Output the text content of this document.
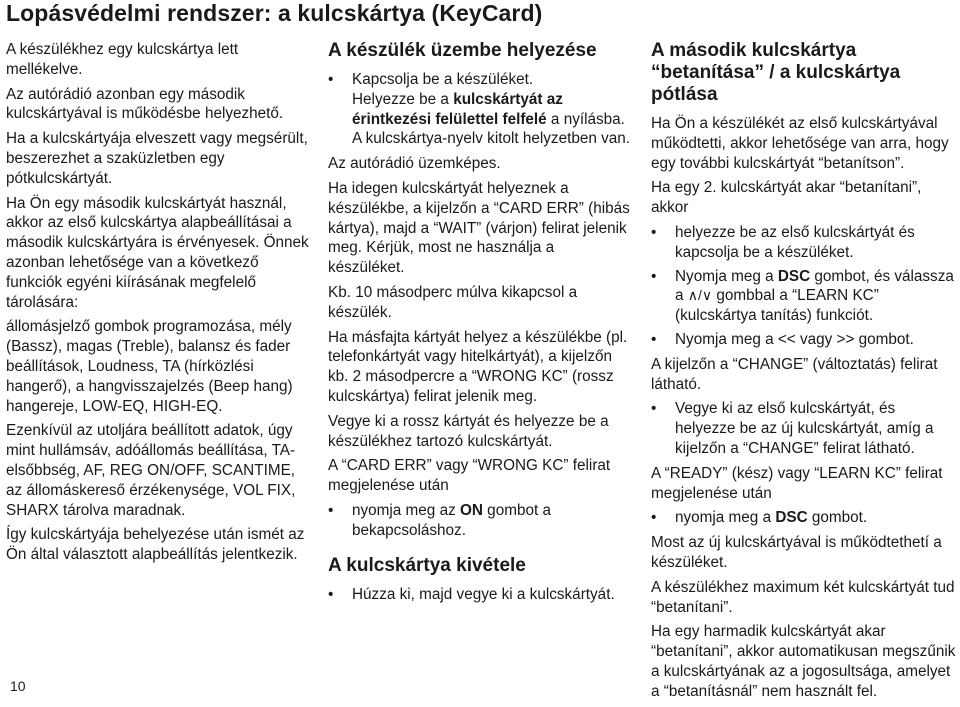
Lopásvédelmi rendszer: a kulcskártya (KeyCard)

A készülékhez egy kulcskártya lett mellékelve.

Az autórádió azonban egy második kulcskártyával is működésbe helyezhető.

Ha a kulcskártyája elveszett vagy megsérült, beszerezhet a szaküzletben egy pótkulcskártyát.

Ha Ön egy második kulcskártyát használ, akkor az első kulcskártya alapbeállításai a második kulcskártyára is érvényesek. Önnek azonban lehetősége van a következő funkciók egyéni kiírásának megfelelő tárolására:

állomásjelző gombok programozása, mély (Bassz), magas (Treble), balansz és fader beállítások, Loudness, TA (hírközlési hangerő), a hangvisszajelzés (Beep hang) hangereje, LOW-EQ, HIGH-EQ.

Ezenkívül az utoljára beállított adatok, úgy mint hullámsáv, adóállomás beállítása, TA-elsőbbség, AF, REG ON/OFF, SCANTIME, az állomáskereső érzékenysége, VOL FIX, SHARX tárolva maradnak.

Így kulcskártyája behelyezése után ismét az Ön által választott alapbeállítás jelentkezik.

A készülék üzembe helyezése
• Kapcsolja be a készüléket.
Helyezze be a kulcskártyát az érintkezési felülettel felfelé a nyílásba. A kulcskártya-nyelv kitolt helyzetben van.

Az autórádió üzemképes.

Ha idegen kulcskártyát helyeznek a készülékbe, a kijelzőn a “CARD ERR” (hibás kártya), majd a “WAIT” (várjon) felirat jelenik meg. Kérjük, most ne használja a készüléket.

Kb. 10 másodperc múlva kikapcsol a készülék.

Ha másfajta kártyát helyez a készülékbe (pl. telefonkártyát vagy hitelkártyát), a kijelzőn kb. 2 másodpercre a “WRONG KC” (rossz kulcskártya) felirat jelenik meg.

Vegye ki a rossz kártyát és helyezze be a készülékhez tartozó kulcskártyát.

A “CARD ERR” vagy “WRONG KC” felirat megjelenése után

• nyomja meg az ON gombot a bekapcsoláshoz.
A kulcskártya kivétele
• Húzza ki, majd vegye ki a kulcskártyát.
A második kulcskártya “betanítása” / a kulcskártya pótlása

Ha Ön a készülékét az első kulcskártyával működtetti, akkor lehetősége van arra, hogy egy további kulcskártyát “betanítson”.

Ha egy 2. kulcskártyát akar “betanítani”, akkor

• helyezze be az első kulcskártyát és kapcsolja be a készüléket.
• Nyomja meg a DSC gombot, és válassza a ∧/∨ gombbal a “LEARN KC” (kulcskártya tanítás) funkciót.
• Nyomja meg a << vagy >> gombot.

A kijelzőn a “CHANGE” (változtatás) felirat látható.

• Vegye ki az első kulcskártyát, és helyezze be az új kulcskártyát, amíg a kijelzőn a “CHANGE” felirat látható.

A “READY” (kész) vagy “LEARN KC” felirat megjelenése után

• nyomja meg a DSC gombot.

Most az új kulcskártyával is működtethetí a készüléket.

A készülékhez maximum két kulcskártyát tud “betanítani”.

Ha egy harmadik kulcskártyát akar “betanítani”, akkor automatikusan megszűnik a kulcskártyának az a jogosultsága, amelyet a “betanításnál” nem használt fel.

10
